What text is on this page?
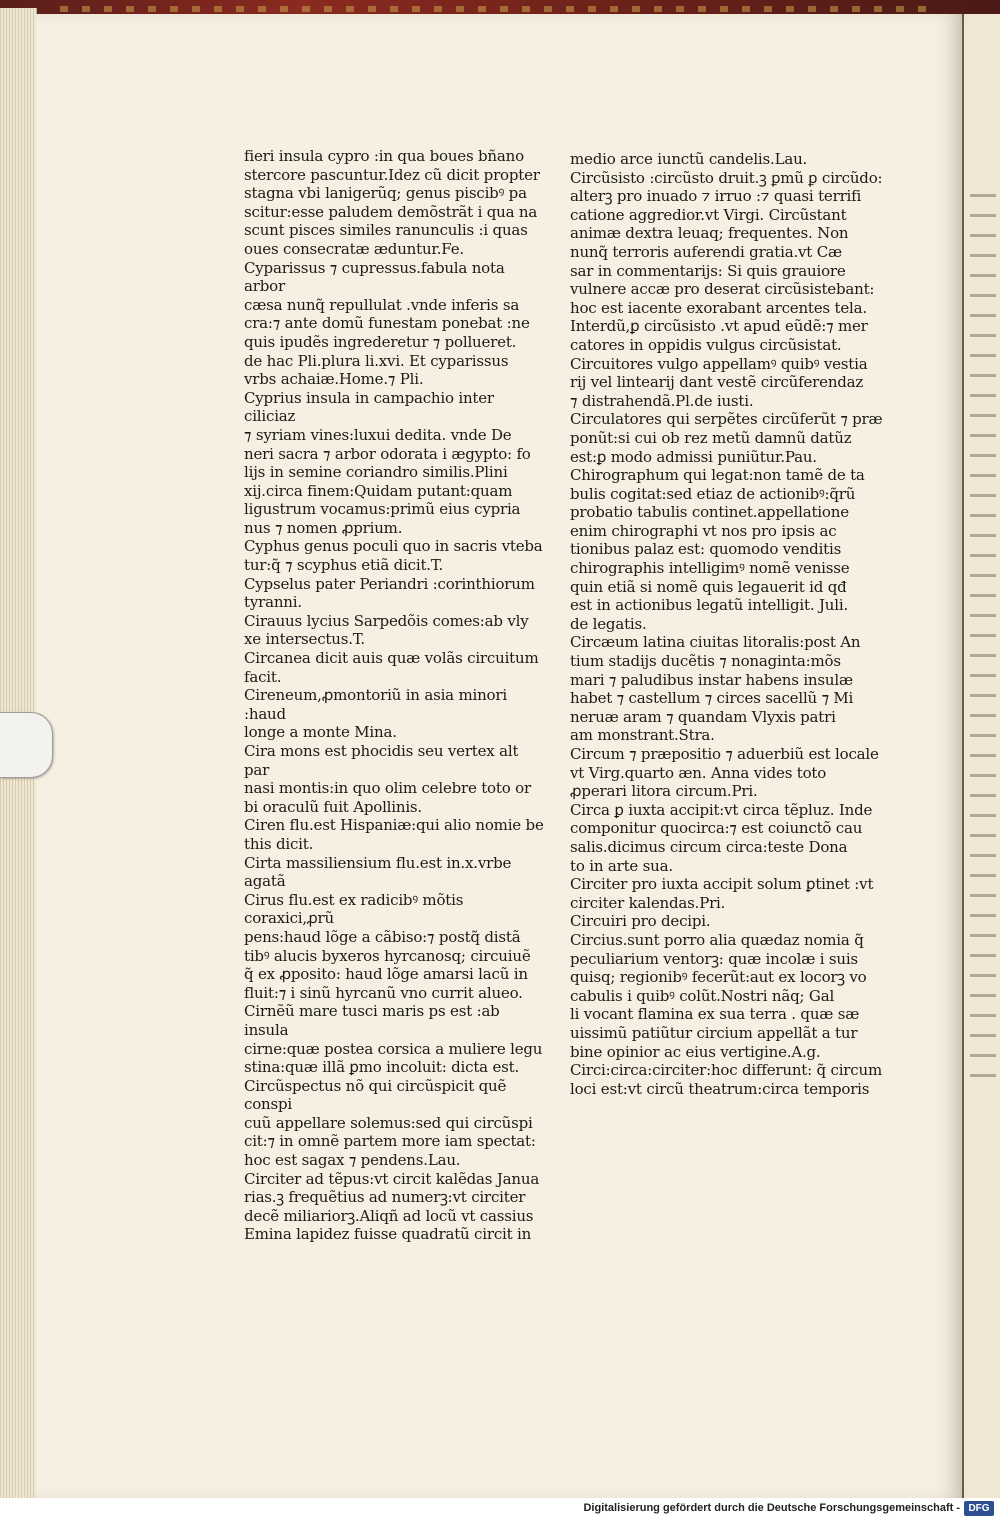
fieri insula cypro :in qua boues bñano

stercore pascuntur.Idez cũ dicit propter

stagna vbi lanigerũq; genus piscibꝰ pa

scitur:esse paludem demõstrãt i qua na

scunt pisces similes ranunculis :i quas

oues consecratæ æduntur.Fe.

Cyparissus ⁊ cupressus.fabula nota arbor

cæsa nunq̃ repullulat .vnde inferis sa

cra:⁊ ante domũ funestam ponebat :ne

quis ipudẽs ingrederetur ⁊ pollueret.

de hac Pli.plura li.xvi. Et cyparissus

vrbs achaiæ.Home.⁊ Pli.

Cyprius insula in campachio inter ciliciaz

⁊ syriam vines:luxui dedita. vnde De

neri sacra ⁊ arbor odorata i ægypto: fo

lijs in semine coriandro similis.Plini

xij.circa finem:Quidam putant:quam

ligustrum vocamus:primũ eius cypria

nus ⁊ nomen ꝓprium.

Cyphus genus poculi quo in sacris vteba

tur:q̃ ⁊ scyphus etiã dicit.T.

Cypselus pater Periandri :corinthiorum

tyranni.

Cirauus lycius Sarpedõis comes:ab vly

xe intersectus.T.

Circanea dicit auis quæ volãs circuitum

facit.

Cireneum,ꝓmontoriũ in asia minori :haud

longe a monte Mina.

Cira mons est phocidis seu vertex alt par

nasi montis:in quo olim celebre toto or

bi oraculũ fuit Apollinis.

Ciren flu.est Hispaniæ:qui alio nomie be

this dicit.

Cirta massiliensium flu.est in.x.vrbe agatã

Cirus flu.est ex radicibꝰ mõtis coraxici,ꝓrũ

pens:haud lõge a cãbiso:⁊ postq̃ distã

tibꝰ alucis byxeros hyrcanosq; circuiuẽ

q̃ ex ꝓposito: haud lõge amarsi lacũ in

fluit:⁊ i sinũ hyrcanũ vno currit alueo.

Cirnẽũ mare tusci maris ps est :ab insula

cirne:quæ postea corsica a muliere legu

stina:quæ illã ꝑmo incoluit: dicta est.

Circũspectus nõ qui circũspicit quẽ conspi

cuũ appellare solemus:sed qui circũspi

cit:⁊ in omnẽ partem more iam spectat:

hoc est sagax ⁊ pendens.Lau.

Circiter ad tẽpus:vt circit kalẽdas Janua

rias.ꝫ frequẽtius ad numerꝫ:vt circiter

decẽ miliariorꝫ.Aliqñ ad locũ vt cassius

Emina lapidez fuisse quadratũ circit in

medio arce iunctũ candelis.Lau.

Circũsisto :circũsto druit.ꝫ ꝑmũ ꝑ circũdo:

alterꝫ pro inuado ⁊ irruo :⁊ quasi terrifi

catione aggredior.vt Virgi. Circũstant

animæ dextra leuaq; frequentes. Non

nunq̃ terroris auferendi gratia.vt Cæ

sar in commentarijs: Si quis grauiore

vulnere accæ pro deserat circũsistebant:

hoc est iacente exorabant arcentes tela.

Interdũ,ꝑ circũsisto .vt apud eũdẽ:⁊ mer

catores in oppidis vulgus circũsistat.

Circuitores vulgo appellamꝰ quibꝰ vestia

rij vel lintearij dant vestẽ circũferendaz

⁊ distrahendã.Pl.de iusti.

Circulatores qui serpẽtes circũferũt ⁊ præ

ponũt:si cui ob rez metũ damnũ datũz

est:ꝑ modo admissi puniũtur.Pau.

Chirographum qui legat:non tamẽ de ta

bulis cogitat:sed etiaz de actionibꝰ:q̃rũ

probatio tabulis continet.appellatione

enim chirographi vt nos pro ipsis ac

tionibus palaz est: quomodo venditis

chirographis intelligimꝰ nomẽ venisse

quin etiã si nomẽ quis legauerit id qđ

est in actionibus legatũ intelligit. Juli.

de legatis.

Circæum latina ciuitas litoralis:post An

tium stadijs ducẽtis ⁊ nonaginta:mõs

mari ⁊ paludibus instar habens insulæ

habet ⁊ castellum ⁊ circes sacellũ ⁊ Mi

neruæ aram ⁊ quandam Vlyxis patri

am monstrant.Stra.

Circum ⁊ præpositio ⁊ aduerbiũ est locale

vt Virg.quarto æn. Anna vides toto

ꝓperari litora circum.Pri.

Circa ꝑ iuxta accipit:vt circa tẽpluz. Inde

componitur quocirca:⁊ est coiunctõ cau

salis.dicimus circum circa:teste Dona

to in arte sua.

Circiter pro iuxta accipit solum ꝑtinet :vt

circiter kalendas.Pri.

Circuiri pro decipi.

Circius.sunt porro alia quædaz nomia q̃

peculiarium ventorꝫ: quæ incolæ i suis

quisq; regionibꝰ fecerũt:aut ex locorꝫ vo

cabulis i quibꝰ colũt.Nostri nãq; Gal

li vocant flamina ex sua terra . quæ sæ

uissimũ patiũtur circium appellãt a tur

bine opinior ac eius vertigine.A.g.

Circi:circa:circiter:hoc differunt: q̃ circum

loci est:vt circũ theatrum:circa temporis

Digitalisierung gefördert durch die Deutsche Forschungsgemeinschaft - DFG
